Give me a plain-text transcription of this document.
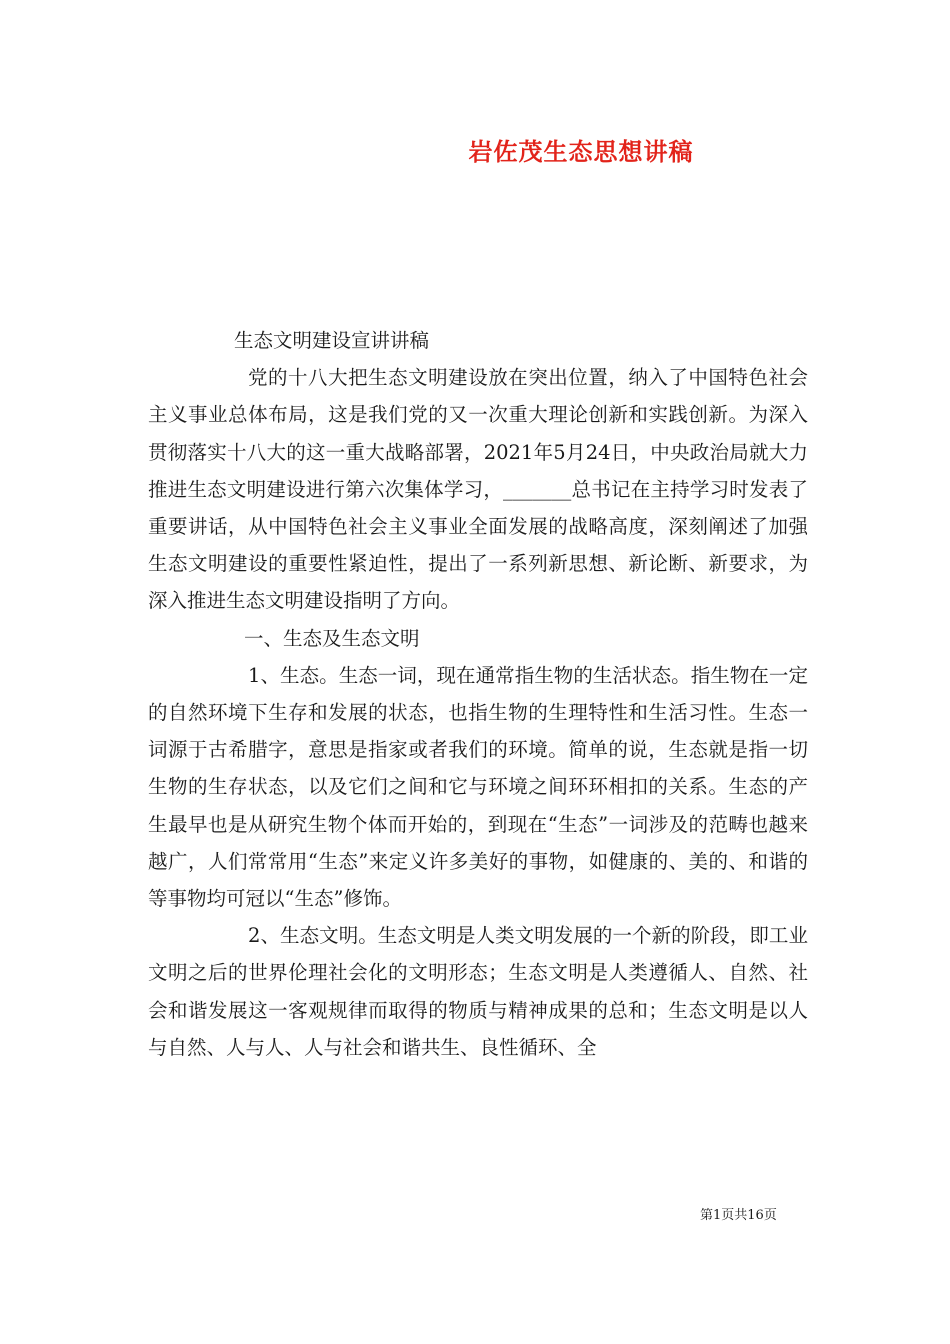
岩佐茂生态思想讲稿

生态文明建设宣讲讲稿

党的十八大把生态文明建设放在突出位置，纳入了中国特色社会主义事业总体布局，这是我们党的又一次重大理论创新和实践创新。为深入贯彻落实十八大的这一重大战略部署，2021年5月24日，中央政治局就大力推进生态文明建设进行第六次集体学习，_______总书记在主持学习时发表了重要讲话，从中国特色社会主义事业全面发展的战略高度，深刻阐述了加强生态文明建设的重要性紧迫性，提出了一系列新思想、新论断、新要求，为深入推进生态文明建设指明了方向。

一、生态及生态文明

1、生态。生态一词，现在通常指生物的生活状态。指生物在一定的自然环境下生存和发展的状态，也指生物的生理特性和生活习性。生态一词源于古希腊字，意思是指家或者我们的环境。简单的说，生态就是指一切生物的生存状态，以及它们之间和它与环境之间环环相扣的关系。生态的产生最早也是从研究生物个体而开始的，到现在“生态”一词涉及的范畴也越来越广，人们常常用“生态”来定义许多美好的事物，如健康的、美的、和谐的等事物均可冠以“生态”修饰。

2、生态文明。生态文明是人类文明发展的一个新的阶段，即工业文明之后的世界伦理社会化的文明形态；生态文明是人类遵循人、自然、社会和谐发展这一客观规律而取得的物质与精神成果的总和；生态文明是以人与自然、人与人、人与社会和谐共生、良性循环、全

第1页共16页
